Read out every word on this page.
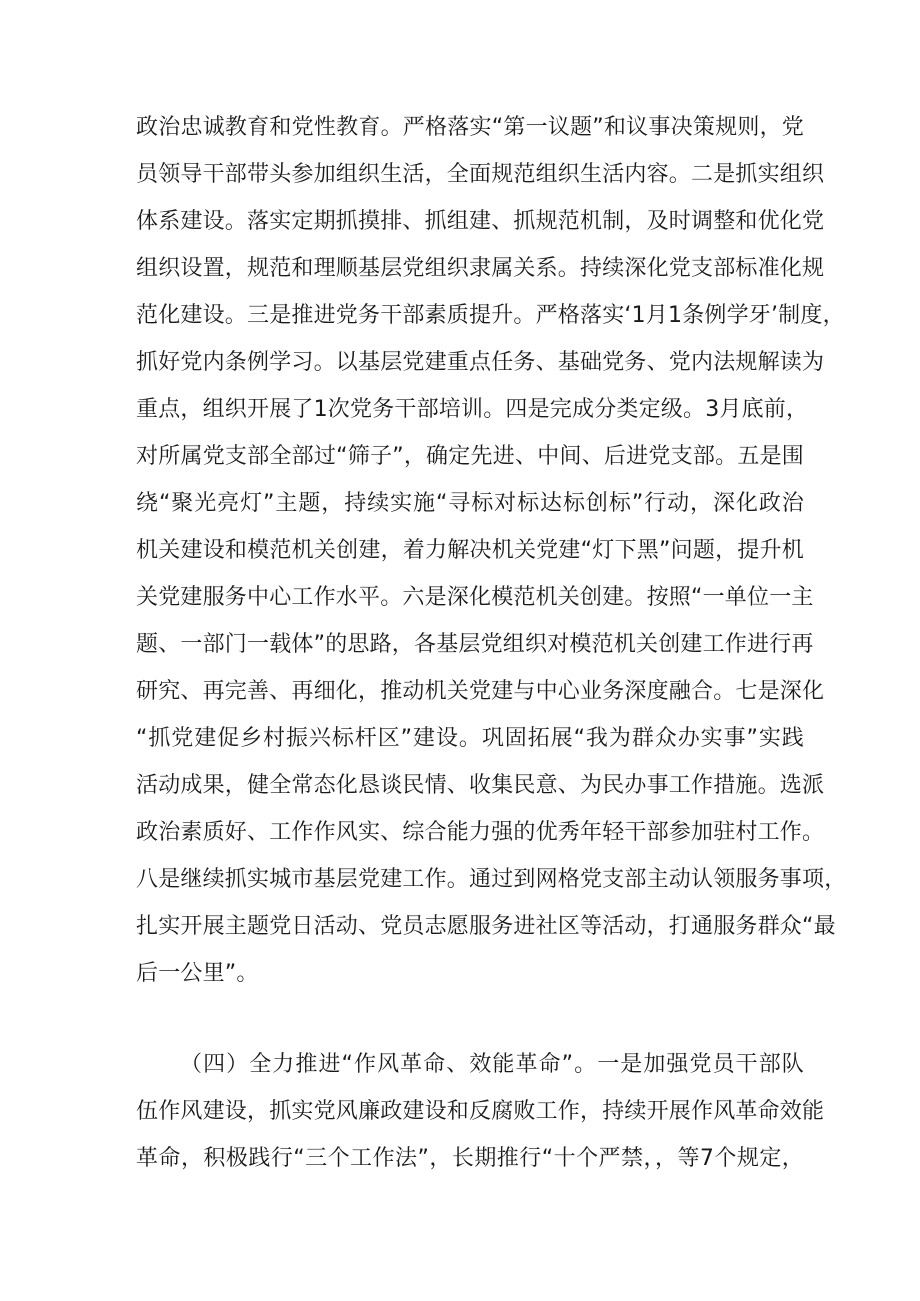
政治忠诚教育和党性教育。严格落实“第一议题”和议事决策规则，党

员领导干部带头参加组织生活，全面规范组织生活内容。二是抓实组织

体系建设。落实定期抓摸排、抓组建、抓规范机制，及时调整和优化党

组织设置，规范和理顺基层党组织隶属关系。持续深化党支部标准化规

范化建设。三是推进党务干部素质提升。严格落实‘1月1条例学牙’制度，

抓好党内条例学习。以基层党建重点任务、基础党务、党内法规解读为

重点，组织开展了1次党务干部培训。四是完成分类定级。3月底前，

对所属党支部全部过“筛子”，确定先进、中间、后进党支部。五是围

绕“聚光亮灯”主题，持续实施“寻标对标达标创标”行动，深化政治

机关建设和模范机关创建，着力解决机关党建“灯下黑”问题，提升机

关党建服务中心工作水平。六是深化模范机关创建。按照“一单位一主

题、一部门一载体”的思路，各基层党组织对模范机关创建工作进行再

研究、再完善、再细化，推动机关党建与中心业务深度融合。七是深化

“抓党建促乡村振兴标杆区”建设。巩固拓展“我为群众办实事”实践

活动成果，健全常态化恳谈民情、收集民意、为民办事工作措施。选派

政治素质好、工作作风实、综合能力强的优秀年轻干部参加驻村工作。

八是继续抓实城市基层党建工作。通过到网格党支部主动认领服务事项，

扎实开展主题党日活动、党员志愿服务进社区等活动，打通服务群众“最

后一公里”。

（四）全力推进“作风革命、效能革命”。一是加强党员干部队

伍作风建设，抓实党风廉政建设和反腐败工作，持续开展作风革命效能

革命，积极践行“三个工作法”，长期推行“十个严禁，，等7个规定，
